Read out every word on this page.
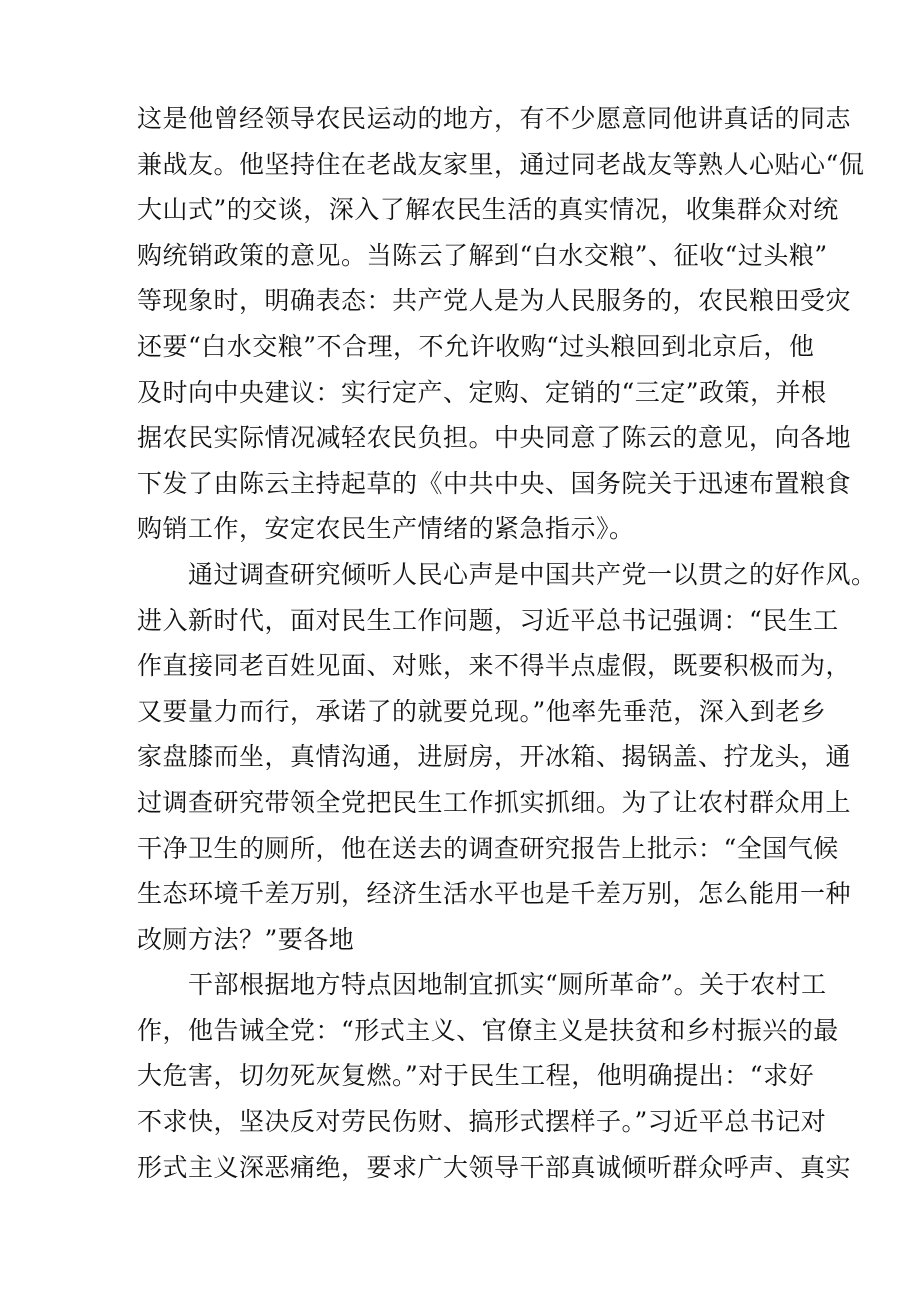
这是他曾经领导农民运动的地方，有不少愿意同他讲真话的同志
兼战友。他坚持住在老战友家里，通过同老战友等熟人心贴心“侃
大山式”的交谈，深入了解农民生活的真实情况，收集群众对统
购统销政策的意见。当陈云了解到“白水交粮”、征收“过头粮”
等现象时，明确表态：共产党人是为人民服务的，农民粮田受灾
还要“白水交粮”不合理，不允许收购“过头粮回到北京后，他
及时向中央建议：实行定产、定购、定销的“三定”政策，并根
据农民实际情况减轻农民负担。中央同意了陈云的意见，向各地
下发了由陈云主持起草的《中共中央、国务院关于迅速布置粮食
购销工作，安定农民生产情绪的紧急指示》。
　　通过调查研究倾听人民心声是中国共产党一以贯之的好作风。
进入新时代，面对民生工作问题，习近平总书记强调：“民生工
作直接同老百姓见面、对账，来不得半点虚假，既要积极而为，
又要量力而行，承诺了的就要兑现。”他率先垂范，深入到老乡
家盘膝而坐，真情沟通，进厨房，开冰箱、揭锅盖、拧龙头，通
过调查研究带领全党把民生工作抓实抓细。为了让农村群众用上
干净卫生的厕所，他在送去的调查研究报告上批示：“全国气候
生态环境千差万别，经济生活水平也是千差万别，怎么能用一种
改厕方法？”要各地
　　干部根据地方特点因地制宜抓实“厕所革命”。关于农村工
作，他告诫全党：“形式主义、官僚主义是扶贫和乡村振兴的最
大危害，切勿死灰复燃。”对于民生工程，他明确提出：“求好
不求快，坚决反对劳民伤财、搞形式摆样子。”习近平总书记对
形式主义深恶痛绝，要求广大领导干部真诚倾听群众呼声、真实
